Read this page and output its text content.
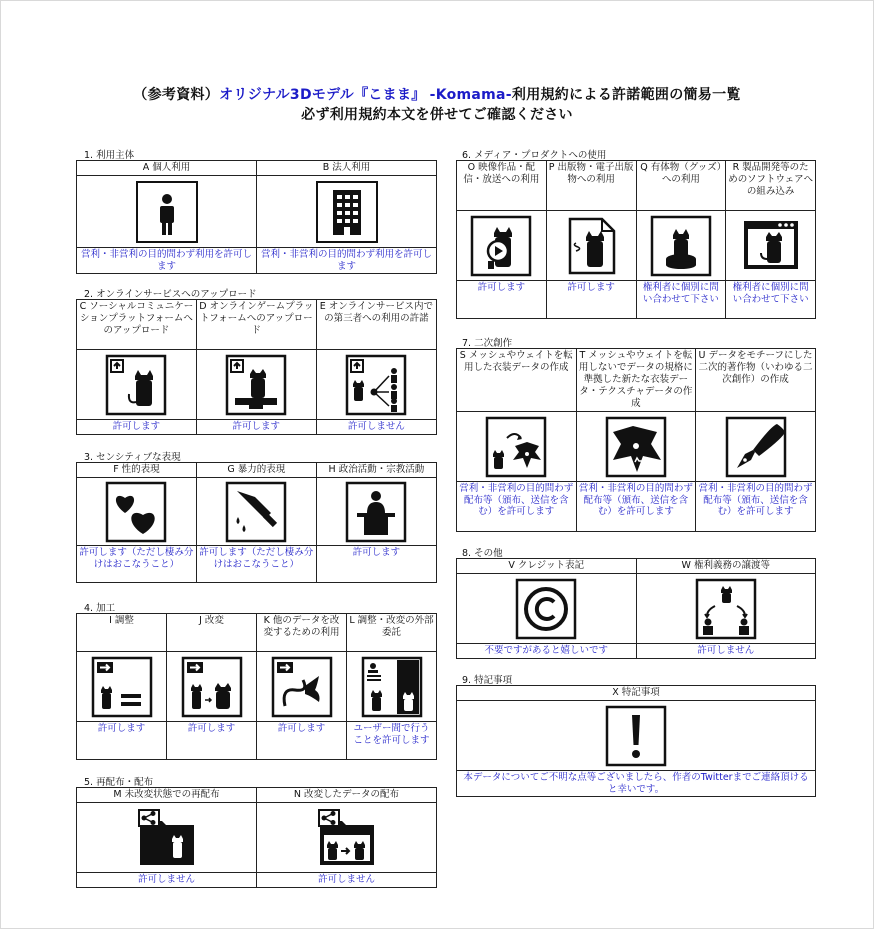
（参考資料）オリジナル3Dモデル『こまま』 -Komama-利用規約による許諾範囲の簡易一覧
必ず利用規約本文を併せてご確認ください
1. 利用主体
A 個人利用	B 法人利用

営利・非営利の目的問わず利用を許可します	営利・非営利の目的問わず利用を許可します
2. オンラインサービスへのアップロード
C ソーシャルコミュニケーションプラットフォームへのアップロード	D オンラインゲームプラットフォームへのアップロード	E オンラインサービス内での第三者への利用の許諾

許可します	許可します	許可しません
3. センシティブな表現
F 性的表現	G 暴力的表現	H 政治活動・宗教活動

許可します（ただし棲み分けはおこなうこと）	許可します（ただし棲み分けはおこなうこと）	許可します
4. 加工
I 調整	J 改変	K 他のデータを改変するための利用	L 調整・改変の外部委託

許可します	許可します	許可します	ユーザー間で行うことを許可します
5. 再配布・配布
M 未改変状態での再配布	N 改変したデータの配布

許可しません	許可しません
6. メディア・プロダクトへの使用
O 映像作品・配信・放送への利用	P 出版物・電子出版物への利用	Q 有体物（グッズ）への利用	R 製品開発等のためのソフトウェアへの組み込み

許可します	許可します	権利者に個別に問い合わせて下さい	権利者に個別に問い合わせて下さい
7. 二次創作
S メッシュやウェイトを転用した衣装データの作成	T メッシュやウェイトを転用しないでデータの規格に準拠した新たな衣装データ・テクスチャデータの作成	U データをモチーフにした二次的著作物（いわゆる二次創作）の作成

営利・非営利の目的問わず配布等（頒布、送信を含む）を許可します	営利・非営利の目的問わず配布等（頒布、送信を含む）を許可します	営利・非営利の目的問わず配布等（頒布、送信を含む）を許可します
8. その他
V クレジット表記	W 権利義務の譲渡等

不要ですがあると嬉しいです	許可しません
9. 特記事項
X 特記事項

本データについてご不明な点等ございましたら、作者のTwitterまでご連絡頂けると幸いです。
